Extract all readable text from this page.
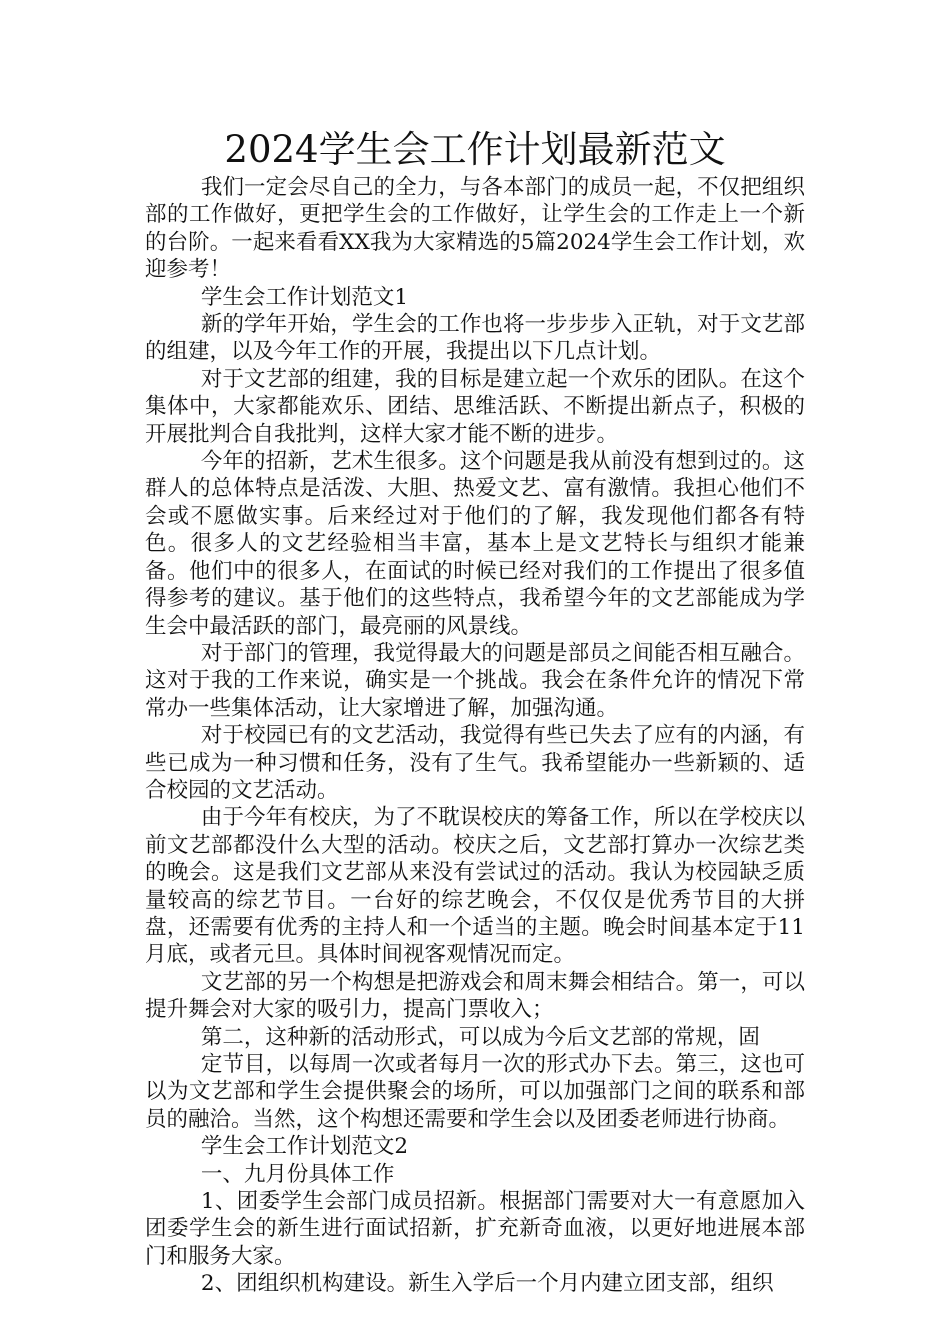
2024学生会工作计划最新范文

我们一定会尽自己的全力，与各本部门的成员一起，不仅把组织部的工作做好，更把学生会的工作做好，让学生会的工作走上一个新的台阶。一起来看看XX我为大家精选的5篇2024学生会工作计划，欢迎参考！

学生会工作计划范文1

新的学年开始，学生会的工作也将一步步步入正轨，对于文艺部的组建，以及今年工作的开展，我提出以下几点计划。

对于文艺部的组建，我的目标是建立起一个欢乐的团队。在这个集体中，大家都能欢乐、团结、思维活跃、不断提出新点子，积极的开展批判合自我批判，这样大家才能不断的进步。

今年的招新，艺术生很多。这个问题是我从前没有想到过的。这群人的总体特点是活泼、大胆、热爱文艺、富有激情。我担心他们不会或不愿做实事。后来经过对于他们的了解，我发现他们都各有特色。很多人的文艺经验相当丰富，基本上是文艺特长与组织才能兼备。他们中的很多人，在面试的时候已经对我们的工作提出了很多值得参考的建议。基于他们的这些特点，我希望今年的文艺部能成为学生会中最活跃的部门，最亮丽的风景线。

对于部门的管理，我觉得最大的问题是部员之间能否相互融合。这对于我的工作来说，确实是一个挑战。我会在条件允许的情况下常常办一些集体活动，让大家增进了解，加强沟通。

对于校园已有的文艺活动，我觉得有些已失去了应有的内涵，有些已成为一种习惯和任务，没有了生气。我希望能办一些新颖的、适合校园的文艺活动。

由于今年有校庆，为了不耽误校庆的筹备工作，所以在学校庆以前文艺部都没什么大型的活动。校庆之后，文艺部打算办一次综艺类的晚会。这是我们文艺部从来没有尝试过的活动。我认为校园缺乏质量较高的综艺节目。一台好的综艺晚会，不仅仅是优秀节目的大拼盘，还需要有优秀的主持人和一个适当的主题。晚会时间基本定于11月底，或者元旦。具体时间视客观情况而定。

文艺部的另一个构想是把游戏会和周末舞会相结合。第一，可以提升舞会对大家的吸引力，提高门票收入；

第二，这种新的活动形式，可以成为今后文艺部的常规，固

定节目，以每周一次或者每月一次的形式办下去。第三，这也可以为文艺部和学生会提供聚会的场所，可以加强部门之间的联系和部员的融洽。当然，这个构想还需要和学生会以及团委老师进行协商。

学生会工作计划范文2

一、九月份具体工作

1、团委学生会部门成员招新。根据部门需要对大一有意愿加入团委学生会的新生进行面试招新，扩充新奇血液，以更好地进展本部门和服务大家。

2、团组织机构建设。新生入学后一个月内建立团支部，组织
